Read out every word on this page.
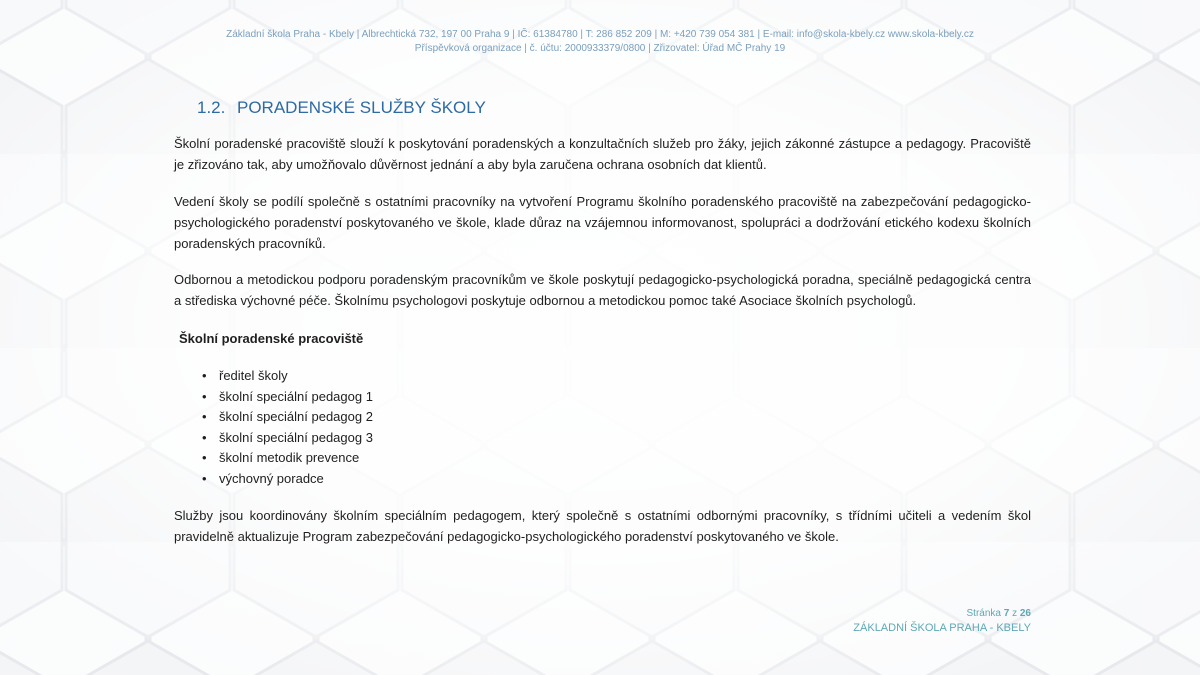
Základní škola Praha - Kbely | Albrechtická 732, 197 00 Praha 9 | IČ: 61384780 | T: 286 852 209 | M: +420 739 054 381 | E-mail: info@skola-kbely.cz www.skola-kbely.cz
Příspěvková organizace | č. účtu: 2000933379/0800 | Zřizovatel: Úřad MČ Prahy 19
1.2. PORADENSKÉ SLUŽBY ŠKOLY

Školní poradenské pracoviště slouží k poskytování poradenských a konzultačních služeb pro žáky, jejich zákonné zástupce a pedagogy. Pracoviště je zřizováno tak, aby umožňovalo důvěrnost jednání a aby byla zaručena ochrana osobních dat klientů.

Vedení školy se podílí společně s ostatními pracovníky na vytvoření Programu školního poradenského pracoviště na zabezpečování pedagogicko-psychologického poradenství poskytovaného ve škole, klade důraz na vzájemnou informovanost, spolupráci a dodržování etického kodexu školních poradenských pracovníků.

Odbornou a metodickou podporu poradenským pracovníkům ve škole poskytují pedagogicko-psychologická poradna, speciálně pedagogická centra a střediska výchovné péče. Školnímu psychologovi poskytuje odbornou a metodickou pomoc také Asociace školních psychologů.

Školní poradenské pracoviště
• ředitel školy
• školní speciální pedagog 1
• školní speciální pedagog 2
• školní speciální pedagog 3
• školní metodik prevence
• výchovný poradce

Služby jsou koordinovány školním speciálním pedagogem, který společně s ostatními odbornými pracovníky, s třídními učiteli a vedením škol pravidelně aktualizuje Program zabezpečování pedagogicko-psychologického poradenství poskytovaného ve škole.

Stránka 7 z 26
ZÁKLADNÍ ŠKOLA PRAHA - KBELY
